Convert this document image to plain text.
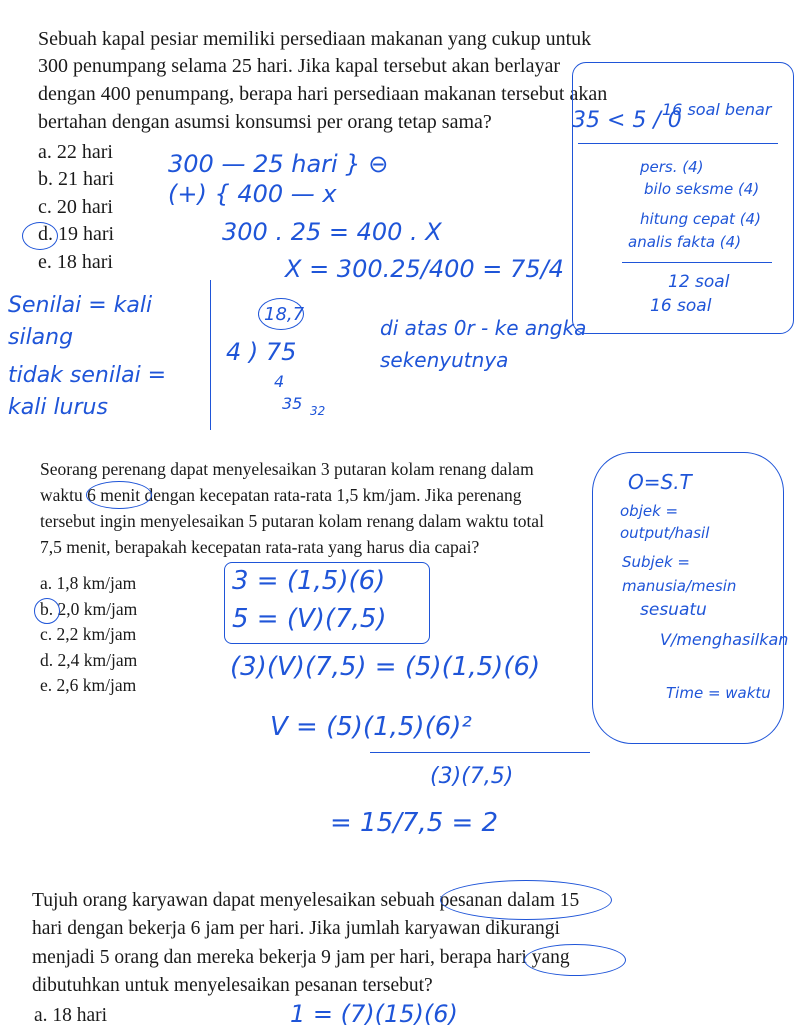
Sebuah kapal pesiar memiliki persediaan makanan yang cukup untuk
300 penumpang selama 25 hari. Jika kapal tersebut akan berlayar
dengan 400 penumpang, berapa hari persediaan makanan tersebut akan
bertahan dengan asumsi konsumsi per orang tetap sama?
a. 22 hari
b. 21 hari
c. 20 hari
d. 19 hari
e. 18 hari
300 — 25 hari } ⊖
(+) { 400 — x
300 . 25 = 400 . X
X = 300.25/400 = 75/4
18,7
4 ) 75
4
35 32
di atas 0r - ke angka sekenyutnya
Senilai = kali silang
tidak senilai = kali lurus
35 < 5 / 0
16 soal benar
pers. (4)
bilo seksme (4)
hitung cepat (4)
analis fakta (4)
12 soal
16 soal
Seorang perenang dapat menyelesaikan 3 putaran kolam renang dalam
waktu 6 menit dengan kecepatan rata-rata 1,5 km/jam. Jika perenang
tersebut ingin menyelesaikan 5 putaran kolam renang dalam waktu total
7,5 menit, berapakah kecepatan rata-rata yang harus dia capai?
a. 1,8 km/jam
b. 2,0 km/jam
c. 2,2 km/jam
d. 2,4 km/jam
e. 2,6 km/jam
3 = (1,5)(6)
5 = (V)(7,5)
(3)(V)(7,5) = (5)(1,5)(6)
V = (5)(1,5)(6)²
(3)(7,5)
= 15/7,5 = 2
O=S.T
objek = output/hasil
Subjek = manusia/mesin
sesuatu
V/menghasilkan
Time = waktu
Tujuh orang karyawan dapat menyelesaikan sebuah pesanan dalam 15
hari dengan bekerja 6 jam per hari. Jika jumlah karyawan dikurangi
menjadi 5 orang dan mereka bekerja 9 jam per hari, berapa hari yang
dibutuhkan untuk menyelesaikan pesanan tersebut?
a. 18 hari	1 = (7)(15)(6)
